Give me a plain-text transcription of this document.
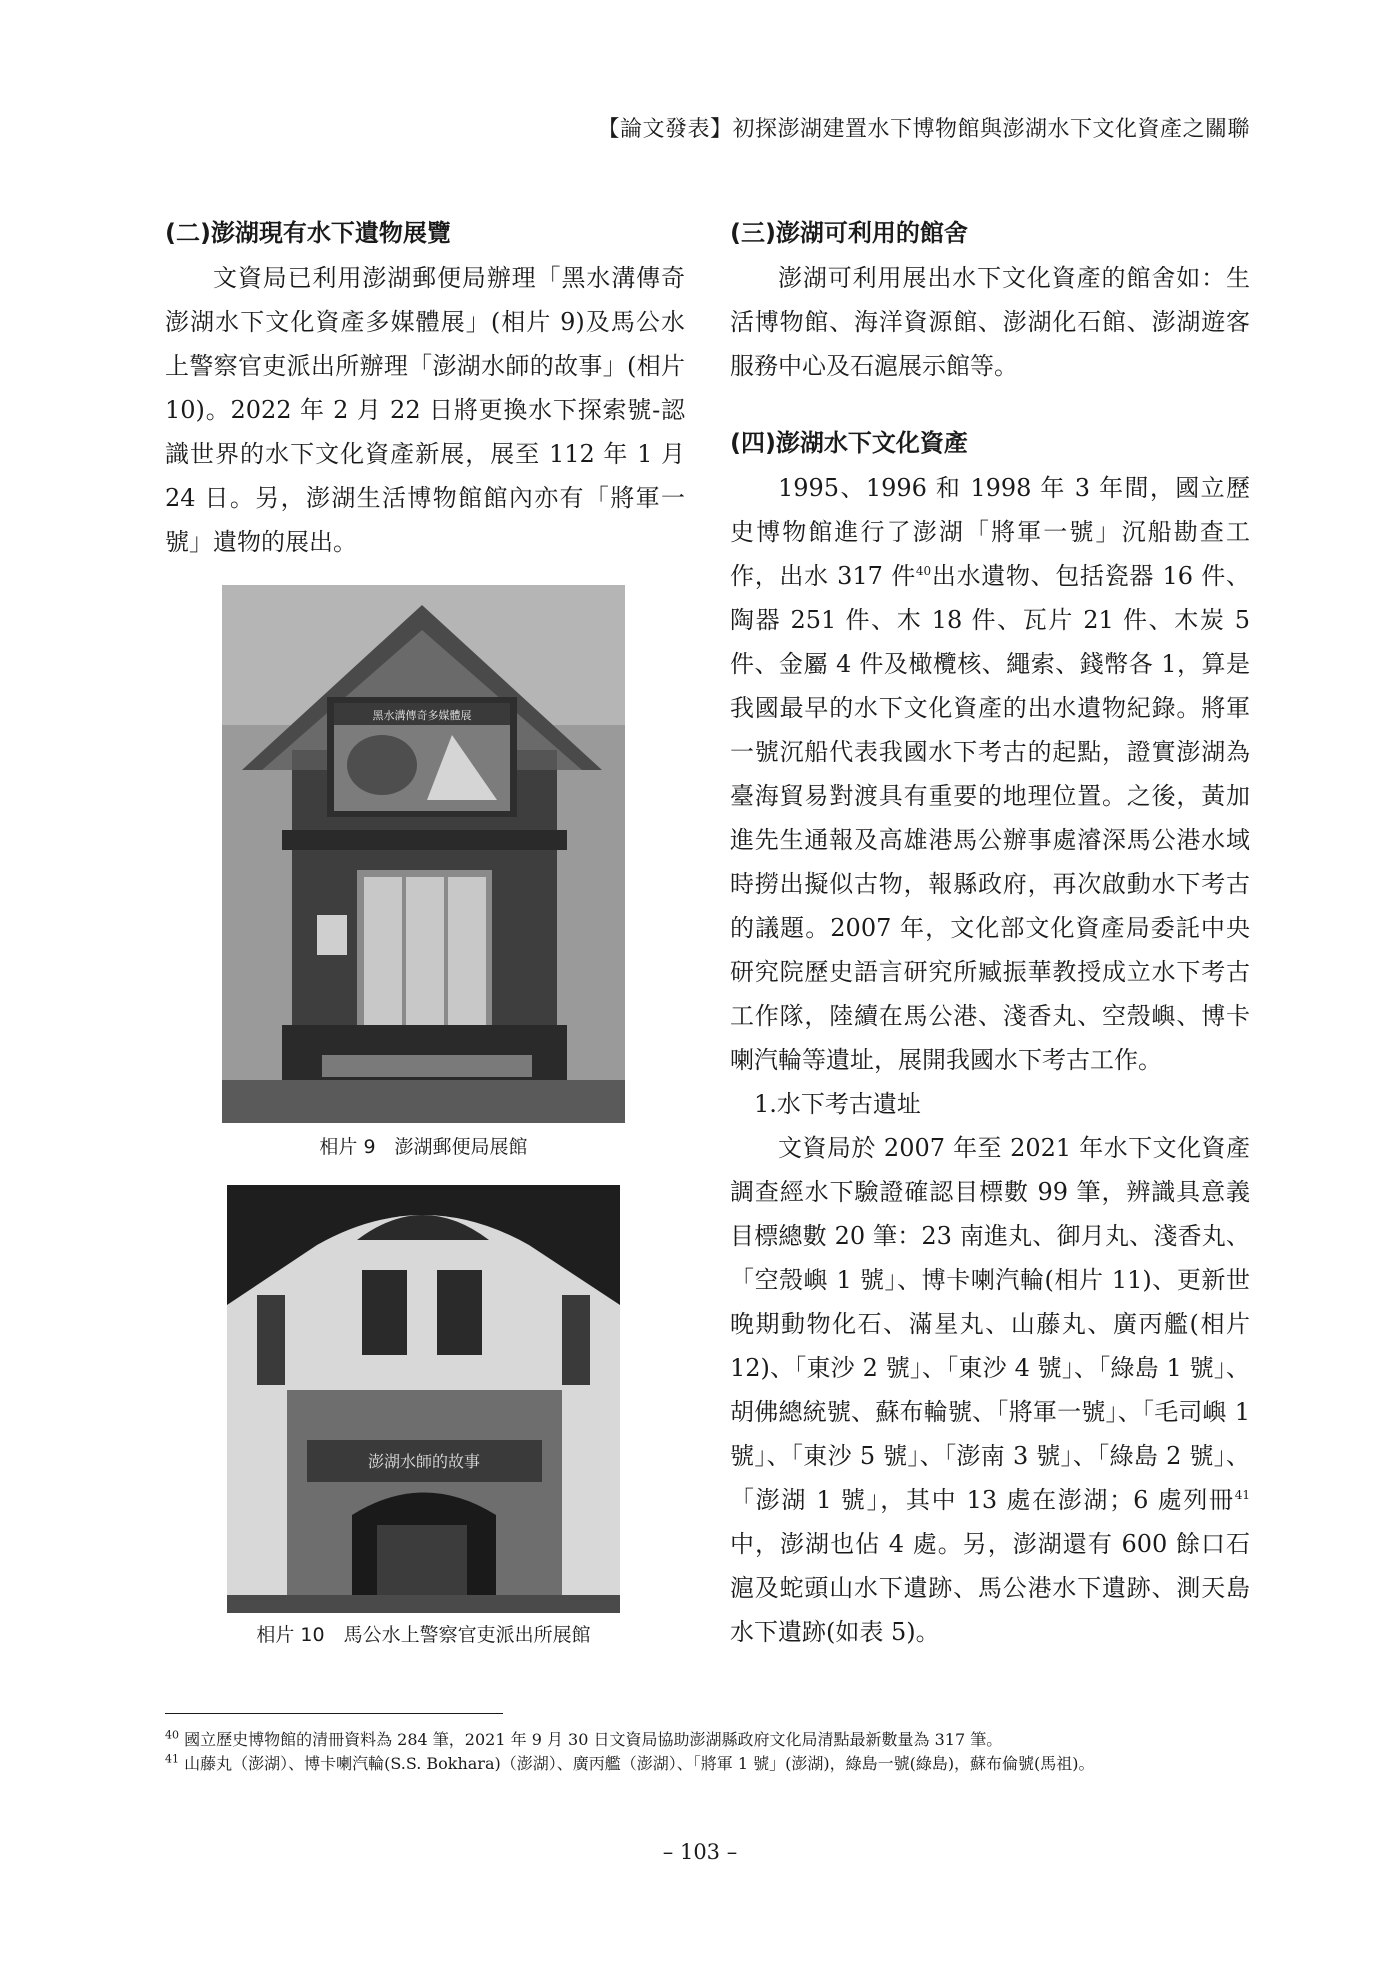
【論文發表】初探澎湖建置水下博物館與澎湖水下文化資產之關聯
(二)澎湖現有水下遺物展覽

文資局已利用澎湖郵便局辦理「黑水溝傳奇澎湖水下文化資產多媒體展」(相片 9)及馬公水上警察官吏派出所辦理「澎湖水師的故事」(相片 10)。2022 年 2 月 22 日將更換水下探索號-認識世界的水下文化資產新展，展至 112 年 1 月 24 日。另，澎湖生活博物館館內亦有「將軍一號」遺物的展出。

黑水溝傳奇多媒體展
相片 9　澎湖郵便局展館
澎湖水師的故事
相片 10　馬公水上警察官吏派出所展館
(三)澎湖可利用的館舍

澎湖可利用展出水下文化資產的館舍如：生活博物館、海洋資源館、澎湖化石館、澎湖遊客服務中心及石滬展示館等。

(四)澎湖水下文化資產

1995、1996 和 1998 年 3 年間，國立歷史博物館進行了澎湖「將軍一號」沉船勘查工作，出水 317 件$^{40}$出水遺物、包括瓷器 16 件、陶器 251 件、木 18 件、瓦片 21 件、木炭 5 件、金屬 4 件及橄欖核、繩索、錢幣各 1，算是我國最早的水下文化資產的出水遺物紀錄。將軍一號沉船代表我國水下考古的起點，證實澎湖為臺海貿易對渡具有重要的地理位置。之後，黃加進先生通報及高雄港馬公辦事處濬深馬公港水域時撈出擬似古物，報縣政府，再次啟動水下考古的議題。2007 年，文化部文化資產局委託中央研究院歷史語言研究所臧振華教授成立水下考古工作隊，陸續在馬公港、淺香丸、空殼嶼、博卡喇汽輪等遺址，展開我國水下考古工作。

1.水下考古遺址

文資局於 2007 年至 2021 年水下文化資產調查經水下驗證確認目標數 99 筆，辨識具意義目標總數 20 筆：23 南進丸、御月丸、淺香丸、「空殼嶼 1 號」、博卡喇汽輪(相片 11)、更新世晚期動物化石、滿星丸、山藤丸、廣丙艦(相片 12)、「東沙 2 號」、「東沙 4 號」、「綠島 1 號」、胡佛總統號、蘇布輪號、「將軍一號」、「毛司嶼 1 號」、「東沙 5 號」、「澎南 3 號」、「綠島 2 號」、「澎湖 1 號」，其中 13 處在澎湖；6 處列冊$^{41}$中，澎湖也佔 4 處。另，澎湖還有 600 餘口石滬及蛇頭山水下遺跡、馬公港水下遺跡、測天島水下遺跡(如表 5)。

$^{40}$ 國立歷史博物館的清冊資料為 284 筆，2021 年 9 月 30 日文資局協助澎湖縣政府文化局清點最新數量為 317 筆。

$^{41}$ 山藤丸（澎湖）、博卡喇汽輪(S.S. Bokhara)（澎湖）、廣丙艦（澎湖）、「將軍 1 號」(澎湖)，綠島一號(綠島)，蘇布倫號(馬祖)。

– 103 –
